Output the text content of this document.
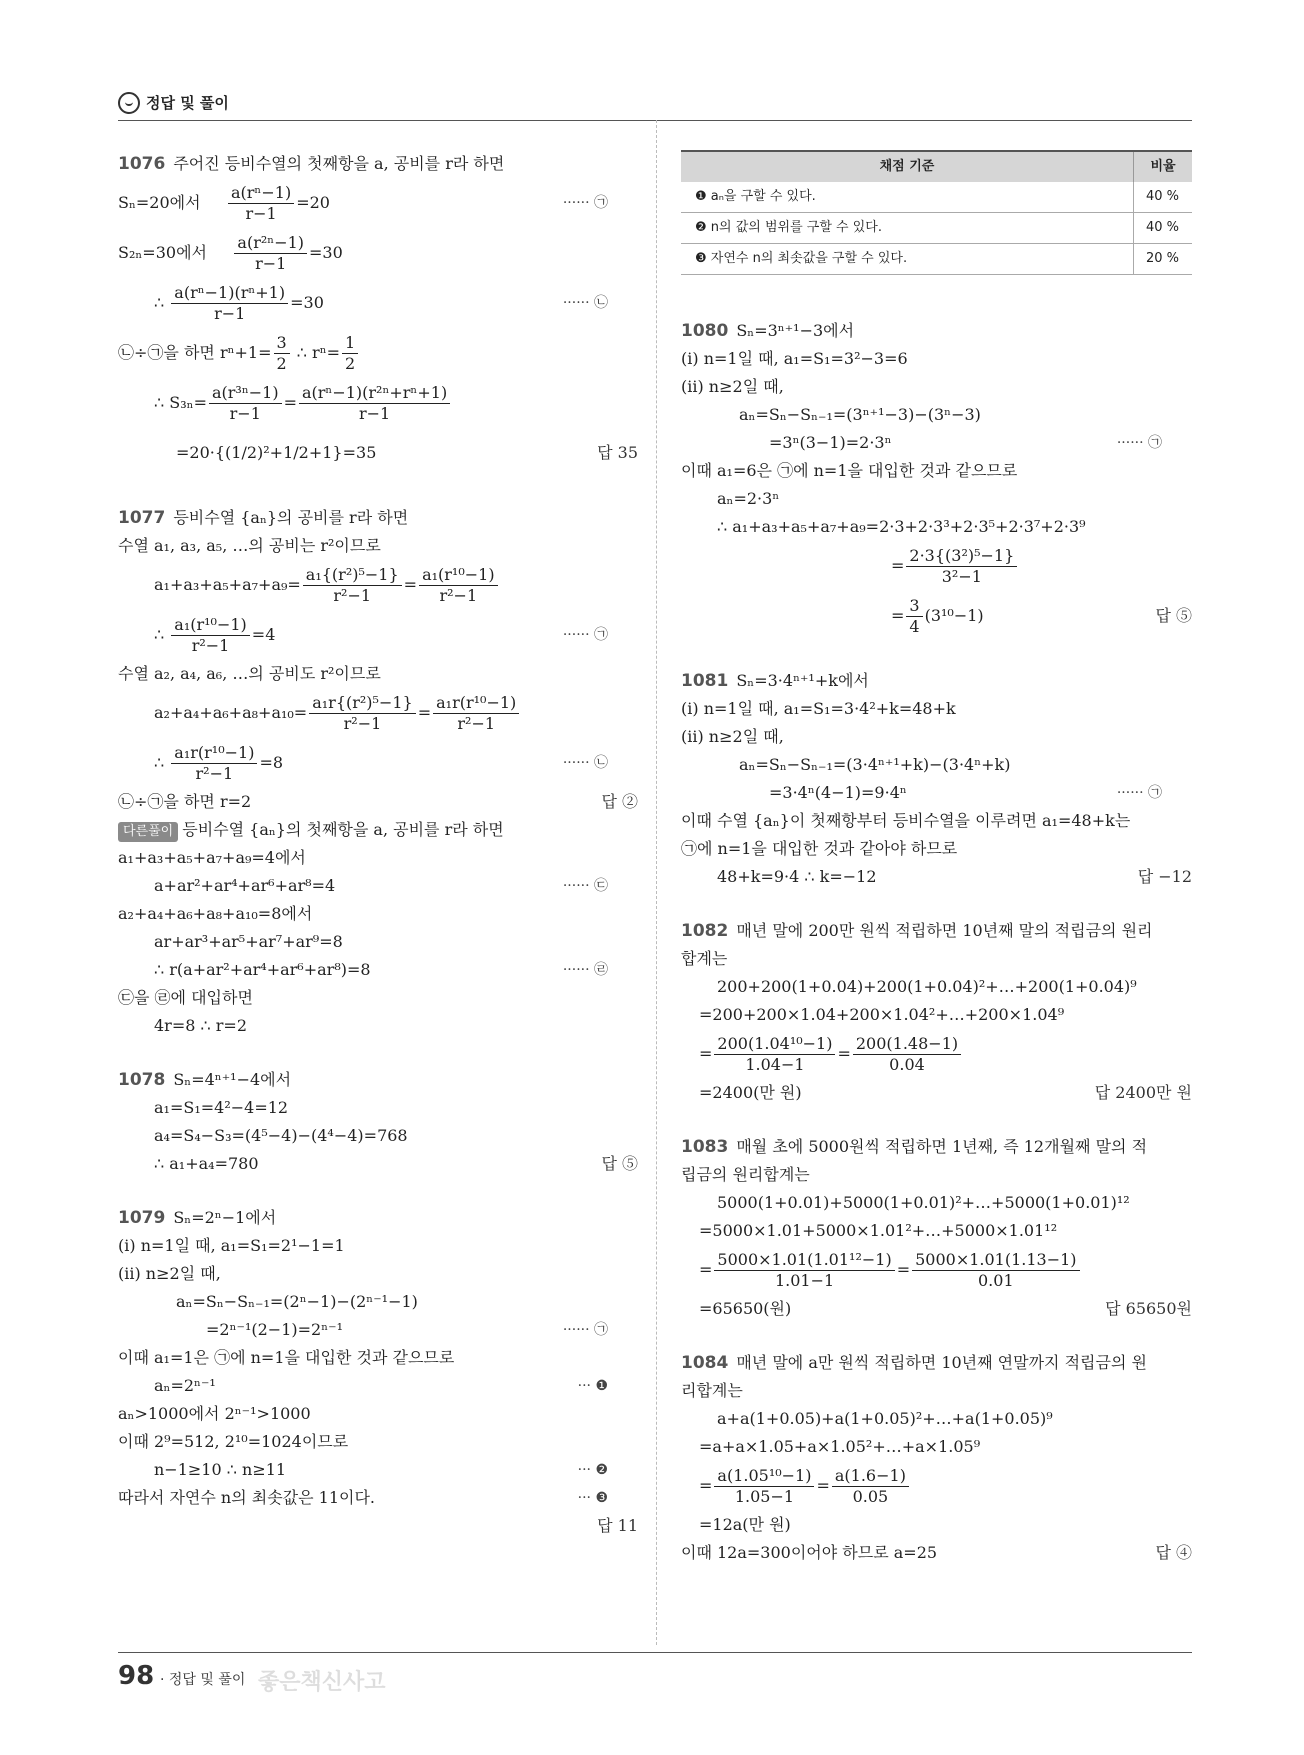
정답 및 풀이
1076 주어진 등비수열의 첫째항을 a, 공비를 r라 하면
Sₙ=20에서 $\frac{\text{a(rⁿ−1)}}{r-1} =20$	······ ㉠
S₂ₙ=30에서 $\frac{\text{a(r²ⁿ−1)}}{r-1} =30$
∴ $\frac{\text{a(rⁿ−1)(rⁿ+1)}}{r-1} =30$	······ ㉡
㉡÷㉠을 하면 $r^n+1= \frac{3}{2}$ ∴ $r^n= \frac{1}{2}$
∴ $S_{3n}= \frac{\text{a(r³ⁿ−1)}}{r-1} = \frac{\text{a(rⁿ−1)(r²ⁿ+rⁿ+1)}}{r-1}$
=20·{(1/2)²+1/2+1}=35	답 35
1077 등비수열 {aₙ}의 공비를 r라 하면
수열 a₁, a₃, a₅, …의 공비는 r²이므로
$a_1+a_3+a_5+a_7+a_9= \frac{\text{a₁\{(r²)⁵−1\}}}{\text{r²−1}} = \frac{\text{a₁(r¹⁰−1)}}{\text{r²−1}}$
∴ $\frac{\text{a₁(r¹⁰−1)}}{\text{r²−1}} =4$	······ ㉠
수열 a₂, a₄, a₆, …의 공비도 r²이므로
$a_2+a_4+a_6+a_8+a_{10}= \frac{\text{a₁r\{(r²)⁵−1\}}}{\text{r²−1}} = \frac{\text{a₁r(r¹⁰−1)}}{\text{r²−1}}$
∴ $\frac{\text{a₁r(r¹⁰−1)}}{\text{r²−1}} =8$	······ ㉡
㉡÷㉠을 하면 r=2	답 ②
다른풀이 등비수열 {aₙ}의 첫째항을 a, 공비를 r라 하면
a₁+a₃+a₅+a₇+a₉=4에서
a+ar²+ar⁴+ar⁶+ar⁸=4	······ ㉢
a₂+a₄+a₆+a₈+a₁₀=8에서
ar+ar³+ar⁵+ar⁷+ar⁹=8
∴ r(a+ar²+ar⁴+ar⁶+ar⁸)=8	······ ㉣
㉢을 ㉣에 대입하면
4r=8 ∴ r=2
1078 Sₙ=4ⁿ⁺¹−4에서
a₁=S₁=4²−4=12
a₄=S₄−S₃=(4⁵−4)−(4⁴−4)=768
∴ a₁+a₄=780	답 ⑤
1079 Sₙ=2ⁿ−1에서
(i) n=1일 때, a₁=S₁=2¹−1=1
(ii) n≥2일 때,
aₙ=Sₙ−Sₙ₋₁=(2ⁿ−1)−(2ⁿ⁻¹−1)
=2ⁿ⁻¹(2−1)=2ⁿ⁻¹	······ ㉠
이때 a₁=1은 ㉠에 n=1을 대입한 것과 같으므로
aₙ=2ⁿ⁻¹	··· ❶
aₙ>1000에서 2ⁿ⁻¹>1000
이때 2⁹=512, 2¹⁰=1024이므로
n−1≥10 ∴ n≥11	··· ❷
따라서 자연수 n의 최솟값은 11이다.	··· ❸
답 11

채점 기준	비율
❶ aₙ을 구할 수 있다.	40 %
❷ n의 값의 범위를 구할 수 있다.	40 %
❸ 자연수 n의 최솟값을 구할 수 있다.	20 %
1080 Sₙ=3ⁿ⁺¹−3에서
(i) n=1일 때, a₁=S₁=3²−3=6
(ii) n≥2일 때,
aₙ=Sₙ−Sₙ₋₁=(3ⁿ⁺¹−3)−(3ⁿ−3)
=3ⁿ(3−1)=2·3ⁿ	······ ㉠
이때 a₁=6은 ㉠에 n=1을 대입한 것과 같으므로
aₙ=2·3ⁿ
∴ a₁+a₃+a₅+a₇+a₉=2·3+2·3³+2·3⁵+2·3⁷+2·3⁹
= $\frac{\text{2·3\{(3²)⁵−1\}}}{\text{3²−1}}$
= $\frac{3}{4} (3^{10}-1)$	답 ⑤
1081 Sₙ=3·4ⁿ⁺¹+k에서
(i) n=1일 때, a₁=S₁=3·4²+k=48+k
(ii) n≥2일 때,
aₙ=Sₙ−Sₙ₋₁=(3·4ⁿ⁺¹+k)−(3·4ⁿ+k)
=3·4ⁿ(4−1)=9·4ⁿ	······ ㉠
이때 수열 {aₙ}이 첫째항부터 등비수열을 이루려면 a₁=48+k는
㉠에 n=1을 대입한 것과 같아야 하므로
48+k=9·4 ∴ k=−12	답 −12
1082 매년 말에 200만 원씩 적립하면 10년째 말의 적립금의 원리
합계는
200+200(1+0.04)+200(1+0.04)²+…+200(1+0.04)⁹
=200+200×1.04+200×1.04²+…+200×1.04⁹
= $\frac{\text{200(1.04¹⁰−1)}}{1.04-1} = \frac{200(1.48-1)}{0.04}$
=2400(만 원)	답 2400만 원
1083 매월 초에 5000원씩 적립하면 1년째, 즉 12개월째 말의 적
립금의 원리합계는
5000(1+0.01)+5000(1+0.01)²+…+5000(1+0.01)¹²
=5000×1.01+5000×1.01²+…+5000×1.01¹²
= $\frac{\text{5000×1.01(1.01¹²−1)}}{1.01-1} = \frac{5000\times 1.01(1.13-1)}{0.01}$
=65650(원)	답 65650원
1084 매년 말에 a만 원씩 적립하면 10년째 연말까지 적립금의 원
리합계는
a+a(1+0.05)+a(1+0.05)²+…+a(1+0.05)⁹
=a+a×1.05+a×1.05²+…+a×1.05⁹
= $\frac{\text{a(1.05¹⁰−1)}}{1.05-1} = \frac{a(1.6-1)}{0.05}$
=12a(만 원)
이때 12a=300이어야 하므로 a=25	답 ④
98 · 정답 및 풀이 좋은책신사고
